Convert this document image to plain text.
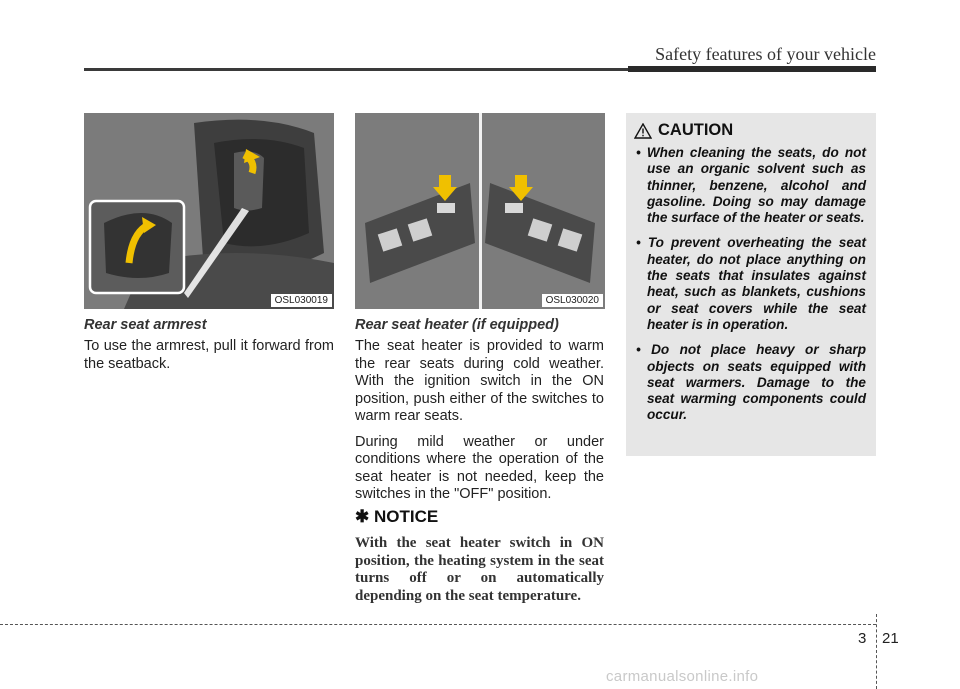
Safety features of your vehicle
OSL030019	OSL030020
Rear seat armrest

To use the armrest, pull it forward from the seatback.

Rear seat heater (if equipped)

The seat heater is provided to warm the rear seats during cold weather. With the ignition switch in the ON position, push either of the switches to warm rear seats.

During mild weather or under conditions where the operation of the seat heater is not needed, keep the switches in the "OFF" position.

✱ NOTICE
With the seat heater switch in ON position, the heating system in the seat turns off or on automatically depending on the seat temperature.
CAUTION
• When cleaning the seats, do not use an organic solvent such as thinner, benzene, alcohol and gasoline. Doing so may damage the surface of the heater or seats.
• To prevent overheating the seat heater, do not place anything on the seats that insulates against heat, such as blankets, cushions or seat covers while the seat heater is in operation.
• Do not place heavy or sharp objects on seats equipped with seat warmers. Damage to the seat warming components could occur.
3 21
carmanualsonline.info
